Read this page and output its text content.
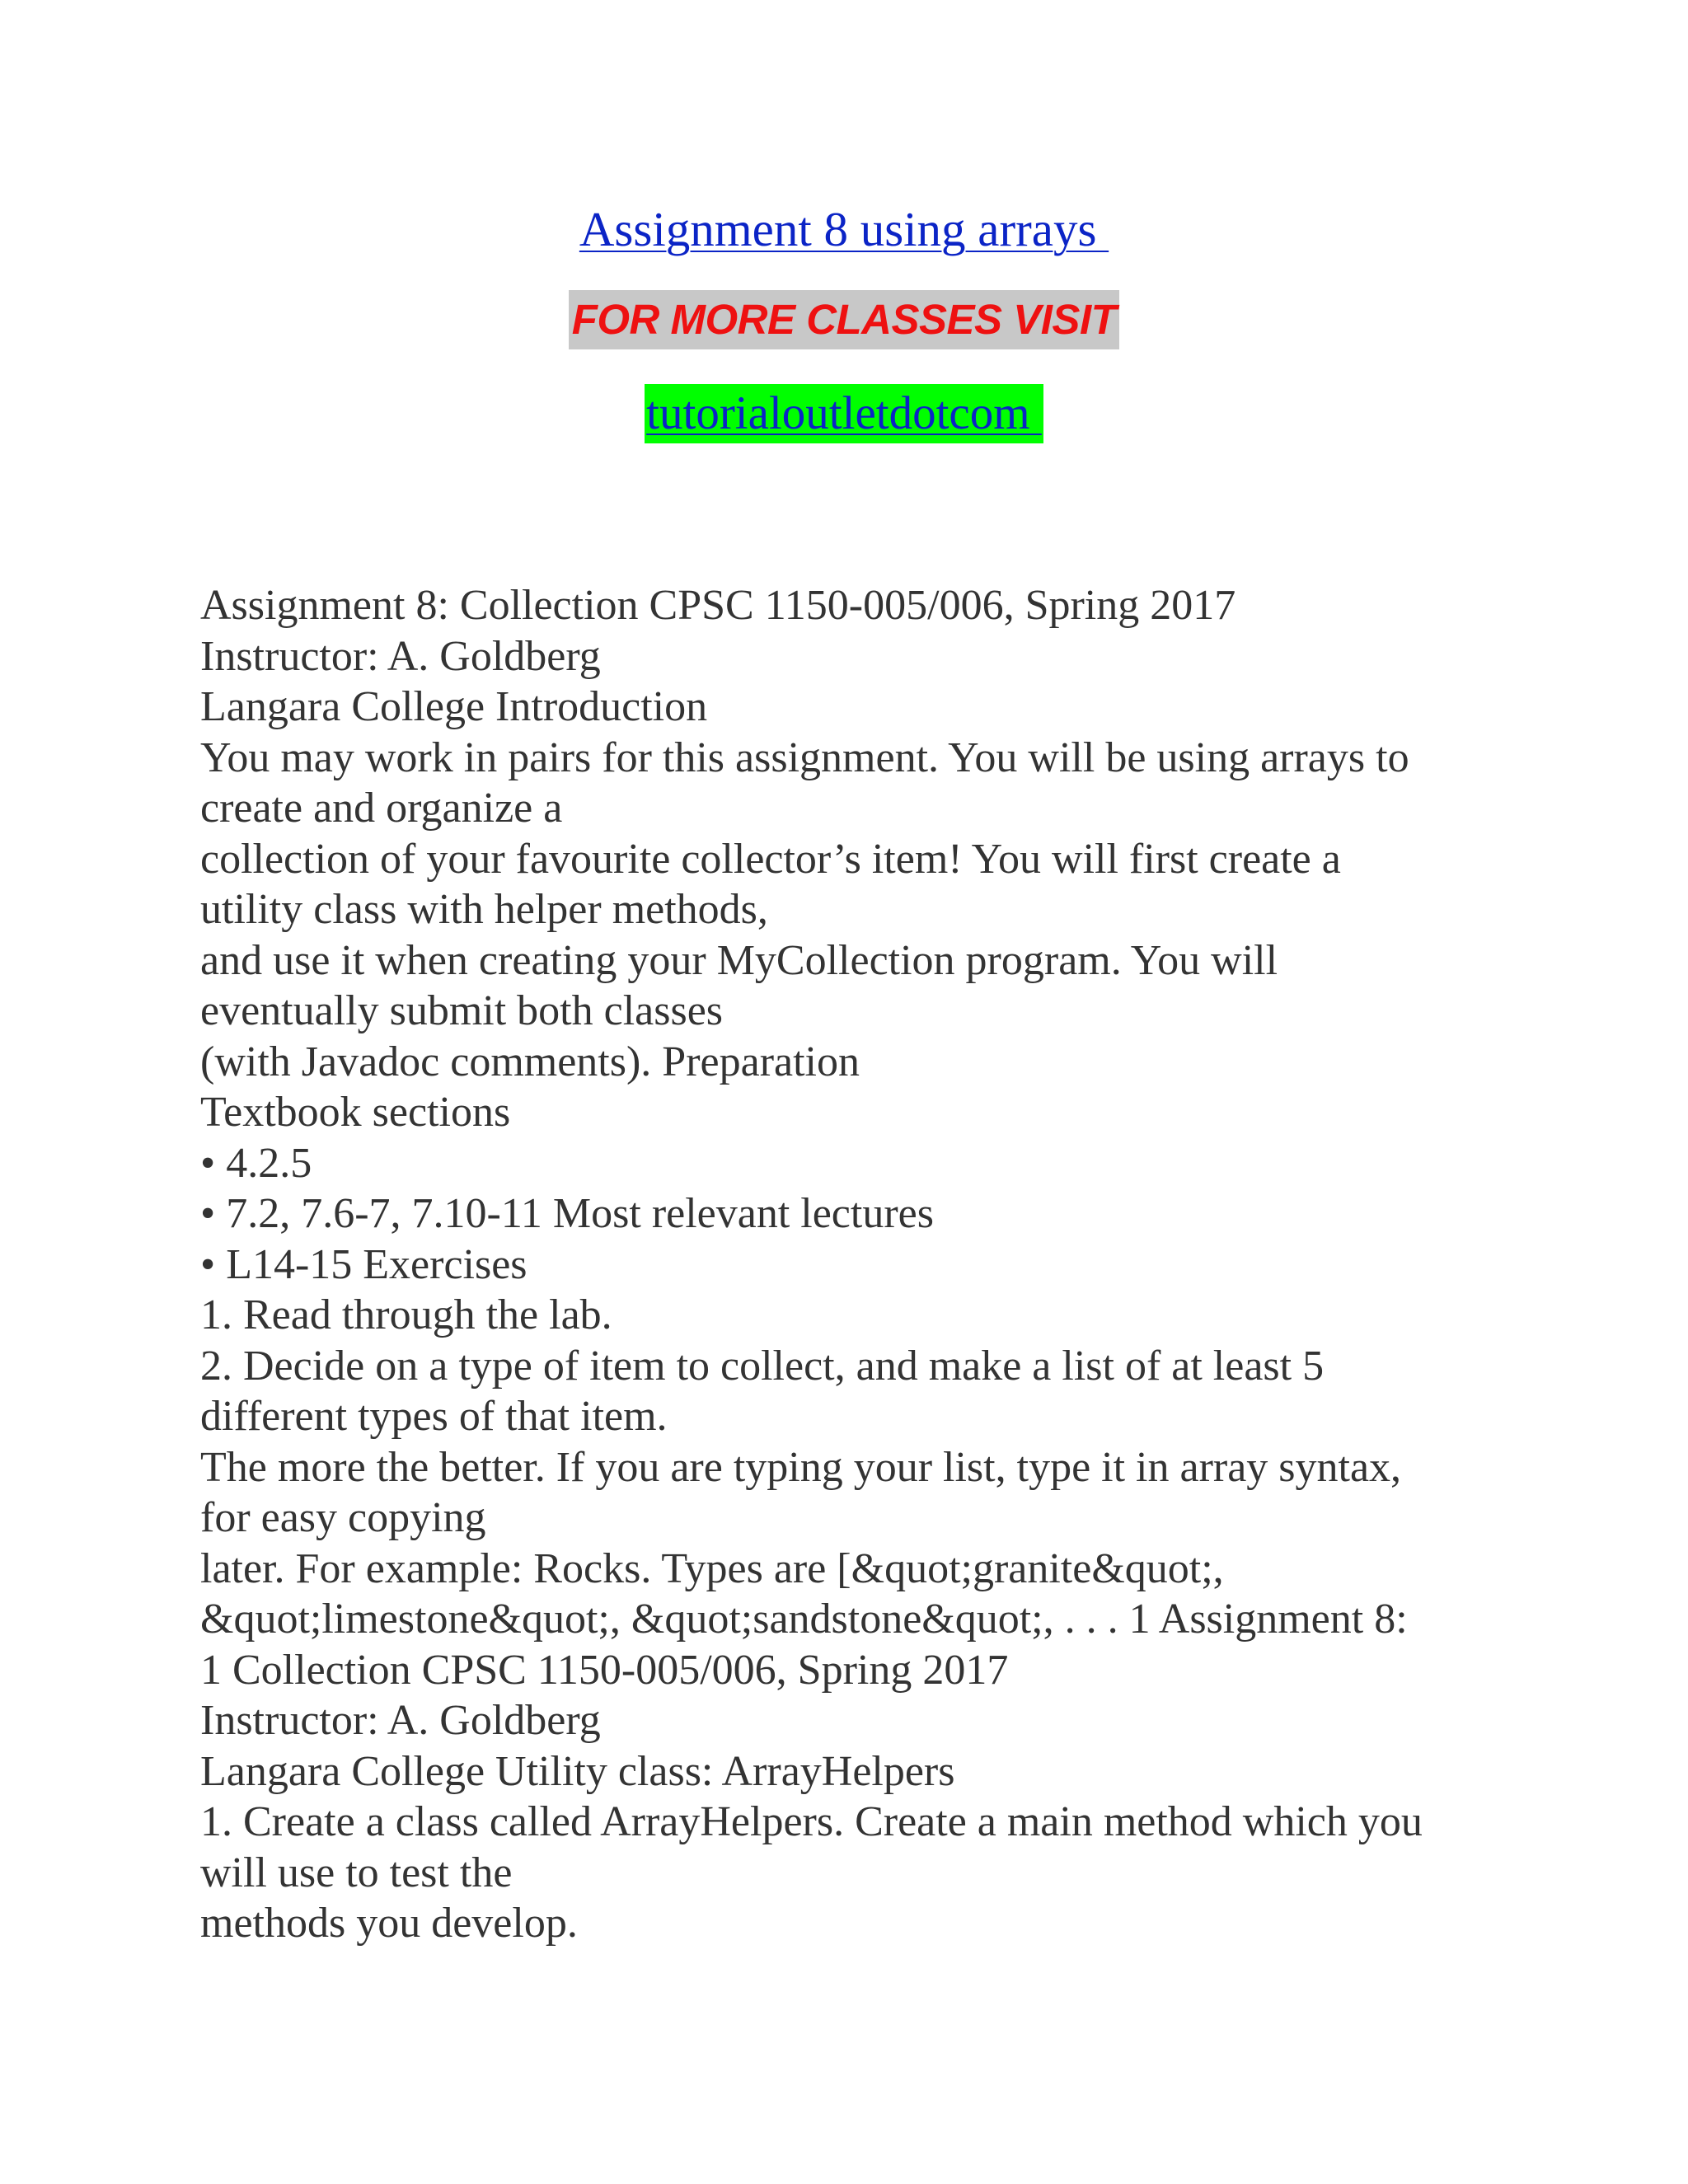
Assignment 8 using arrays
FOR MORE CLASSES VISIT
tutorialoutletdotcom
Assignment 8: Collection CPSC 1150-005/006, Spring 2017
Instructor: A. Goldberg
Langara College Introduction
You may work in pairs for this assignment. You will be using arrays to
create and organize a
collection of your favourite collector’s item! You will first create a
utility class with helper methods,
and use it when creating your MyCollection program. You will
eventually submit both classes
(with Javadoc comments). Preparation
Textbook sections
• 4.2.5
• 7.2, 7.6-7, 7.10-11 Most relevant lectures
• L14-15 Exercises
1. Read through the lab.
2. Decide on a type of item to collect, and make a list of at least 5
different types of that item.
The more the better. If you are typing your list, type it in array syntax,
for easy copying
later. For example: Rocks. Types are [&quot;granite&quot;,
&quot;limestone&quot;, &quot;sandstone&quot;, . . . 1 Assignment 8:
1 Collection CPSC 1150-005/006, Spring 2017
Instructor: A. Goldberg
Langara College Utility class: ArrayHelpers
1. Create a class called ArrayHelpers. Create a main method which you
will use to test the
methods you develop.
